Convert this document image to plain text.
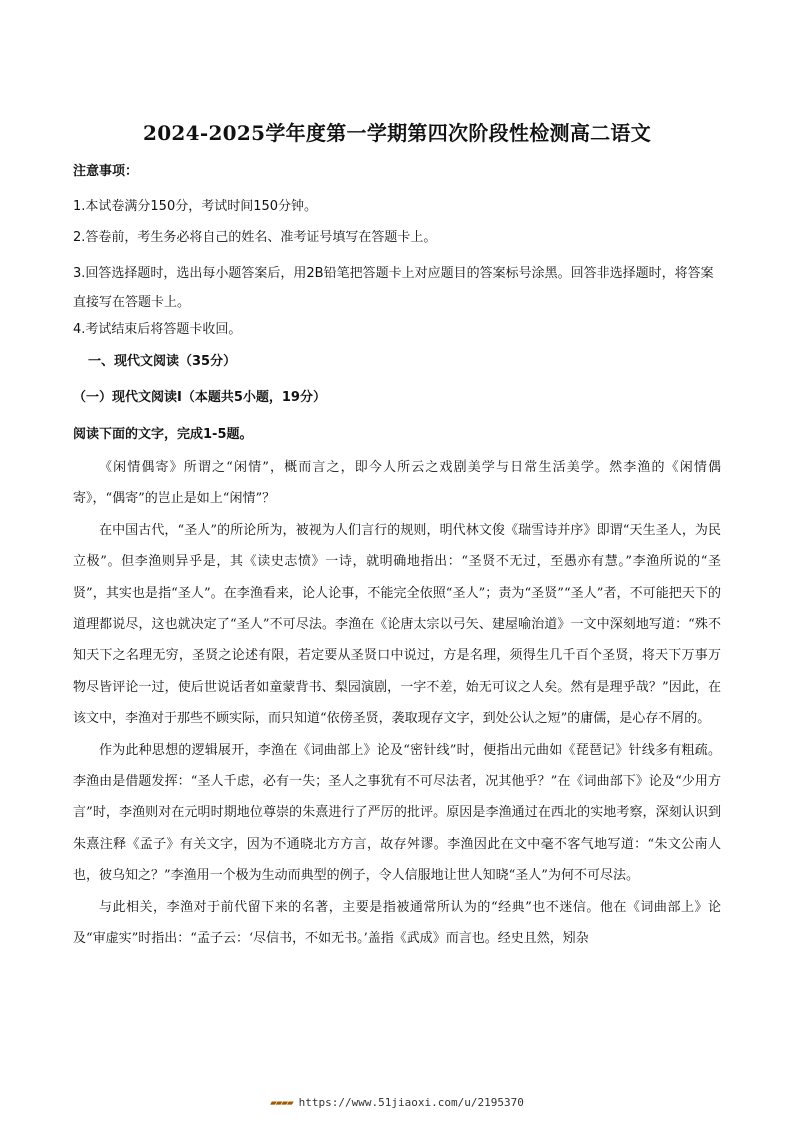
2024-2025学年度第一学期第四次阶段性检测高二语文
注意事项：
1.本试卷满分150分，考试时间150分钟。
2.答卷前，考生务必将自己的姓名、准考证号填写在答题卡上。
3.回答选择题时，选出每小题答案后，用2B铅笔把答题卡上对应题目的答案标号涂黑。回答非选择题时，将答案直接写在答题卡上。
4.考试结束后将答题卡收回。
一、现代文阅读（35分）
（一）现代文阅读Ⅰ（本题共5小题，19分）
阅读下面的文字，完成1-5题。

《闲情偶寄》所谓之“闲情”，概而言之，即今人所云之戏剧美学与日常生活美学。然李渔的《闲情偶寄》，“偶寄”的岂止是如上“闲情”？

在中国古代，“圣人”的所论所为，被视为人们言行的规则，明代林文俊《瑞雪诗并序》即谓“天生圣人，为民立极”。但李渔则异乎是，其《读史志愤》一诗，就明确地指出：“圣贤不无过，至愚亦有慧。”李渔所说的“圣贤”，其实也是指“圣人”。在李渔看来，论人论事，不能完全依照“圣人”；责为“圣贤”“圣人”者，不可能把天下的道理都说尽，这也就决定了“圣人”不可尽法。李渔在《论唐太宗以弓矢、建屋喻治道》一文中深刻地写道：“殊不知天下之名理无穷，圣贤之论述有限，若定要从圣贤口中说过，方是名理，须得生几千百个圣贤，将天下万事万物尽皆评论一过，使后世说话者如童蒙背书、梨园演剧，一字不差，始无可议之人矣。然有是理乎哉？”因此，在该文中，李渔对于那些不顾实际，而只知道“依傍圣贤，袭取现存文字，到处公认之短”的庸儒，是心存不屑的。

作为此种思想的逻辑展开，李渔在《词曲部上》论及“密针线”时，便指出元曲如《琵琶记》针线多有粗疏。李渔由是借题发挥：“圣人千虑，必有一失；圣人之事犹有不可尽法者，况其他乎？”在《词曲部下》论及“少用方言”时，李渔则对在元明时期地位尊崇的朱熹进行了严厉的批评。原因是李渔通过在西北的实地考察，深刻认识到朱熹注释《孟子》有关文字，因为不通晓北方方言，故存舛谬。李渔因此在文中毫不客气地写道：“朱文公南人也，彼乌知之？”李渔用一个极为生动而典型的例子，令人信服地让世人知晓“圣人”为何不可尽法。

与此相关，李渔对于前代留下来的名著，主要是指被通常所认为的“经典”也不迷信。他在《词曲部上》论及“审虚实”时指出：“孟子云：‘尽信书，不如无书。’盖指《武成》而言也。经史且然，矧杂

▰▰▰▰ https://www.51jiaoxi.com/u/2195370
